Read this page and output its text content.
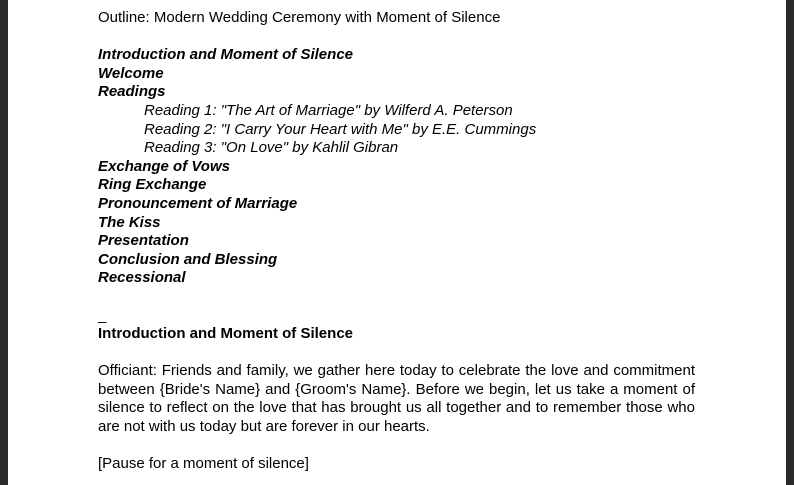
Outline: Modern Wedding Ceremony with Moment of Silence
Introduction and Moment of Silence
Welcome
Readings
Reading 1: "The Art of Marriage" by Wilferd A. Peterson
Reading 2: "I Carry Your Heart with Me" by E.E. Cummings
Reading 3: "On Love" by Kahlil Gibran
Exchange of Vows
Ring Exchange
Pronouncement of Marriage
The Kiss
Presentation
Conclusion and Blessing
Recessional
_
Introduction and Moment of Silence
Officiant: Friends and family, we gather here today to celebrate the love and commitment between {Bride's Name} and {Groom's Name}. Before we begin, let us take a moment of silence to reflect on the love that has brought us all together and to remember those who are not with us today but are forever in our hearts.
[Pause for a moment of silence]
